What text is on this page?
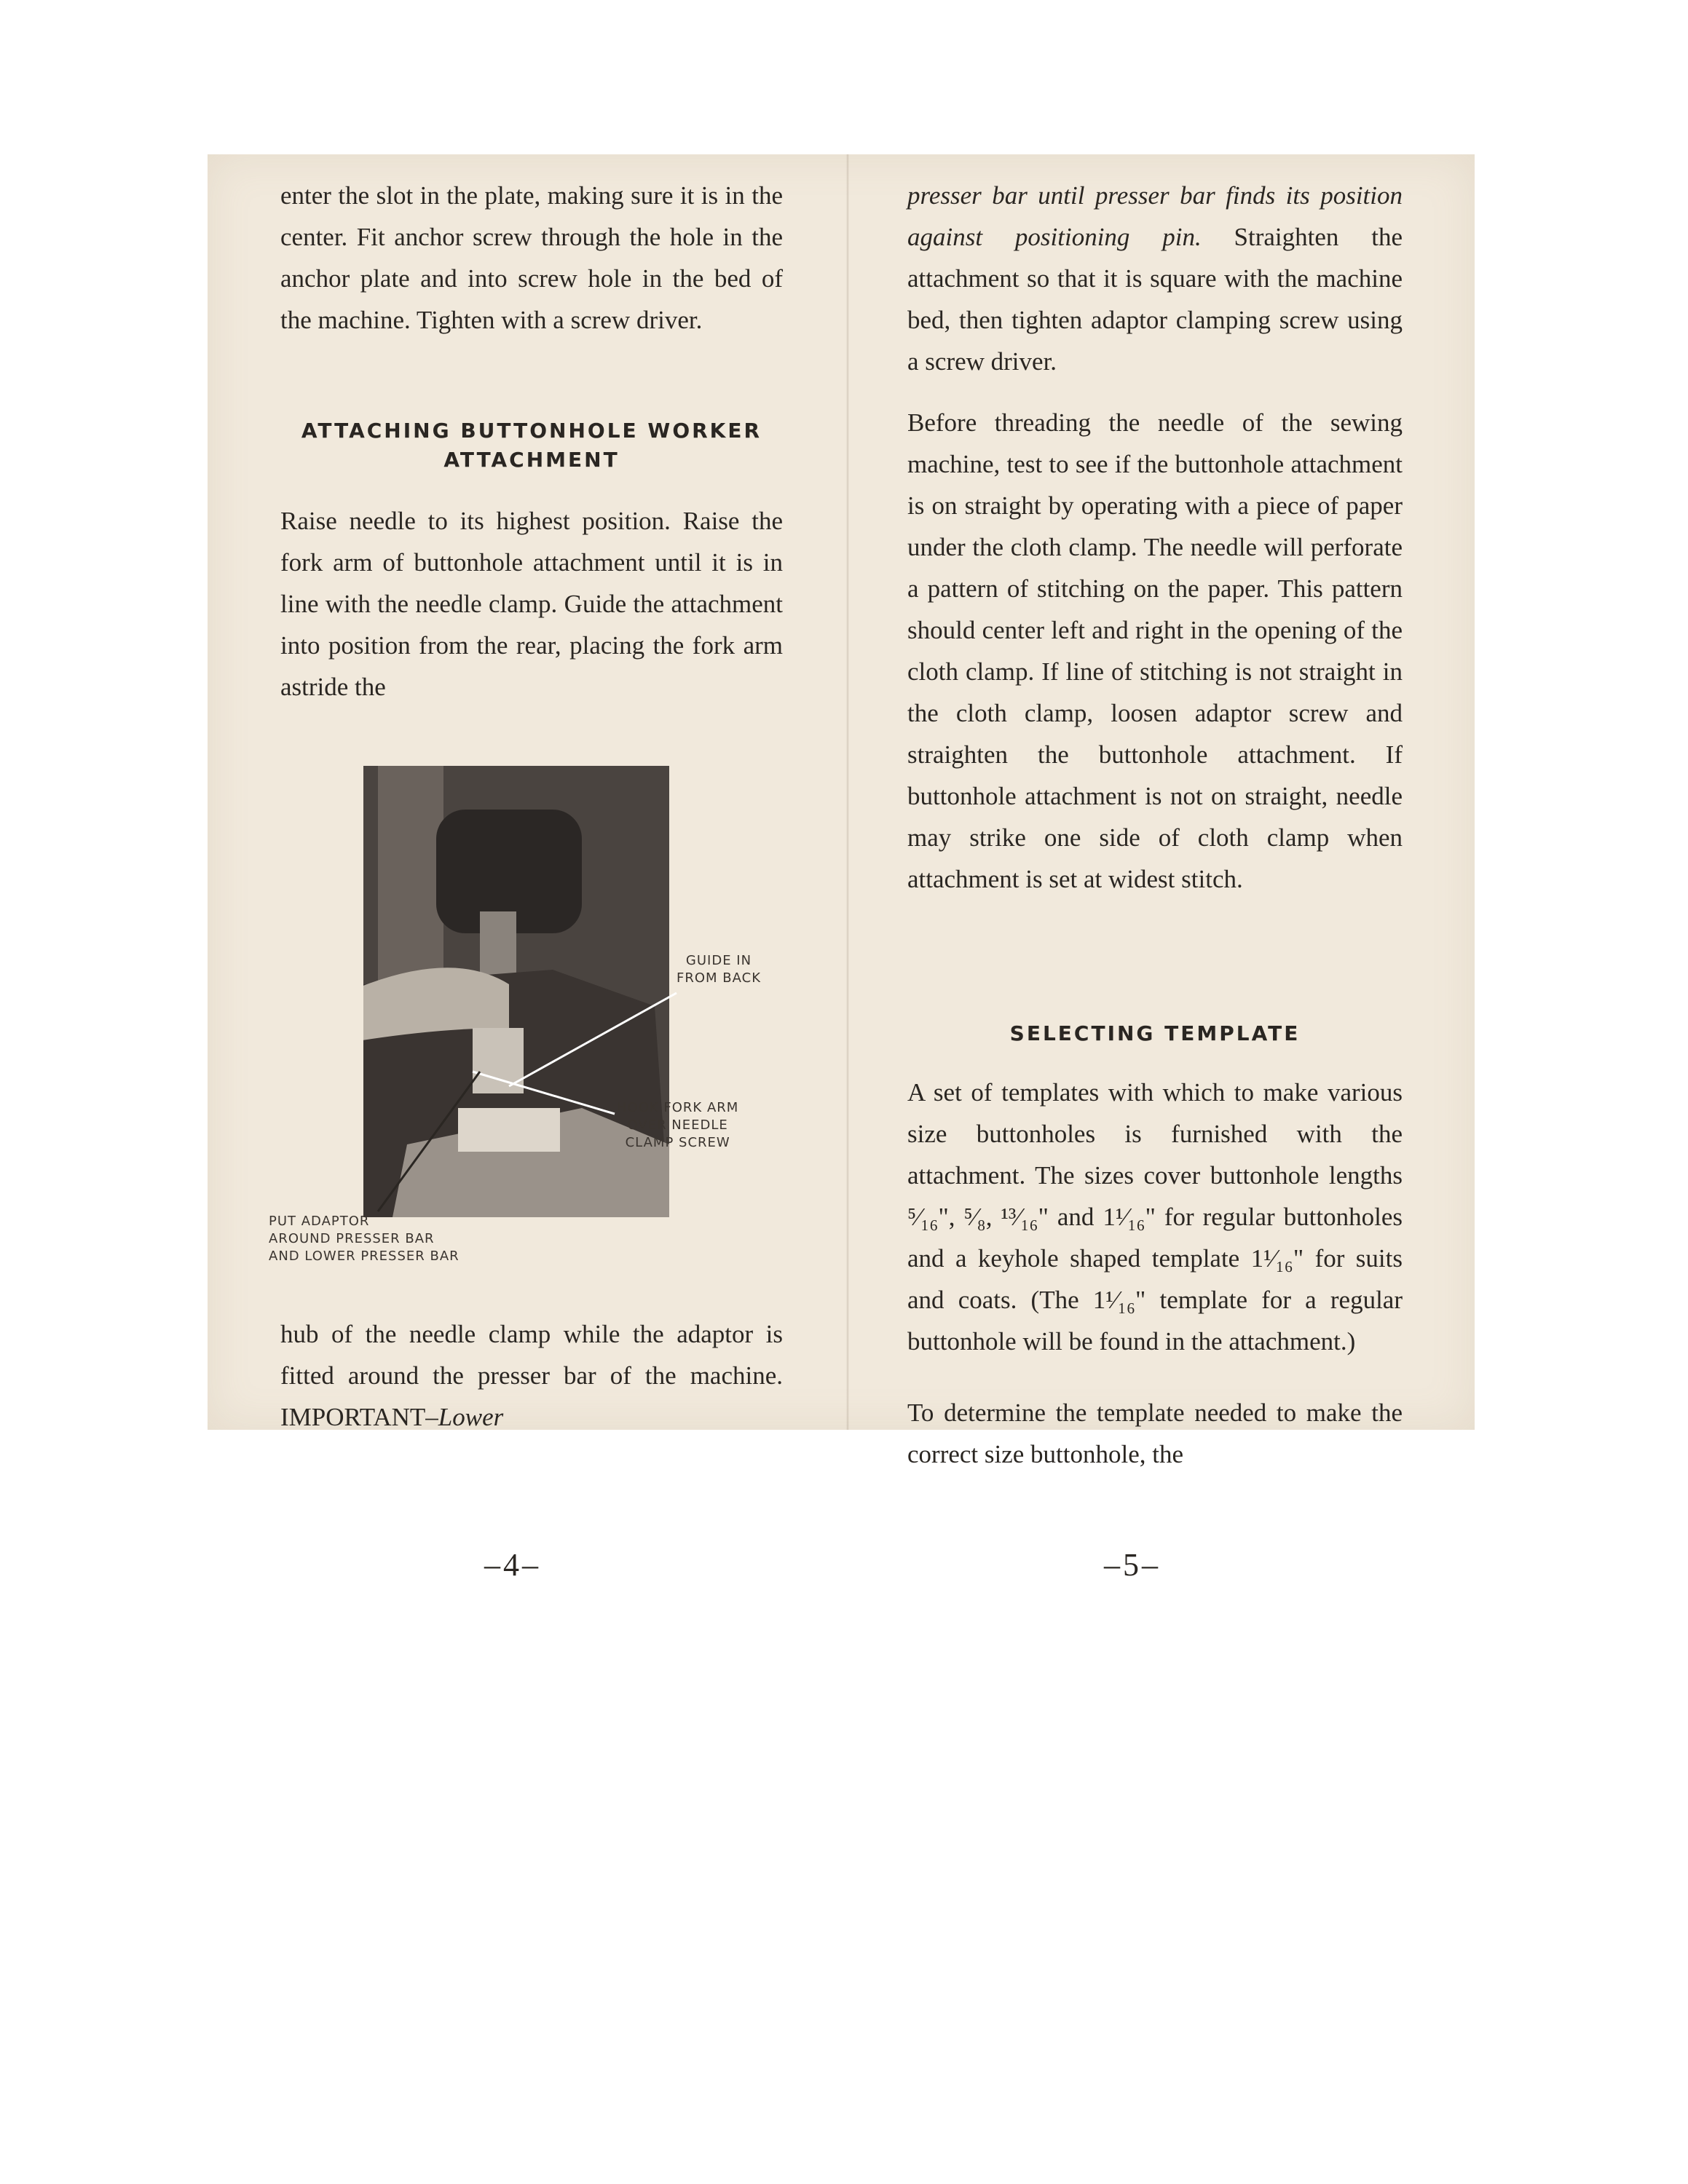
enter the slot in the plate, making sure it is in the center. Fit anchor screw through the hole in the anchor plate and into screw hole in the bed of the machine. Tighten with a screw driver.

ATTACHING BUTTONHOLE WORKER

ATTACHMENT

Raise needle to its highest position. Raise the fork arm of buttonhole attachment until it is in line with the needle clamp. Guide the attachment into position from the rear, placing the fork arm astride the

GUIDE IN
FROM BACK
HOOK FORK ARM
OVER NEEDLE
CLAMP SCREW
PUT ADAPTOR
AROUND PRESSER BAR
AND LOWER PRESSER BAR

hub of the needle clamp while the adaptor is fitted around the presser bar of the machine. IMPORTANT–Lower

–4–

presser bar until presser bar finds its position against positioning pin. Straighten the attachment so that it is square with the machine bed, then tighten adaptor clamping screw using a screw driver.

Before threading the needle of the sewing machine, test to see if the buttonhole attachment is on straight by operating with a piece of paper under the cloth clamp. The needle will perforate a pattern of stitching on the paper. This pattern should center left and right in the opening of the cloth clamp. If line of stitching is not straight in the cloth clamp, loosen adaptor screw and straighten the buttonhole attachment. If buttonhole attachment is not on straight, needle may strike one side of cloth clamp when attachment is set at widest stitch.

SELECTING TEMPLATE

A set of templates with which to make various size buttonholes is furnished with the attachment. The sizes cover buttonhole lengths ⁵⁄₁₆", ⁵⁄₈, ¹³⁄₁₆" and 1¹⁄₁₆" for regular buttonholes and a keyhole shaped template 1¹⁄₁₆" for suits and coats. (The 1¹⁄₁₆" template for a regular buttonhole will be found in the attachment.)

To determine the template needed to make the correct size buttonhole, the

–5–
